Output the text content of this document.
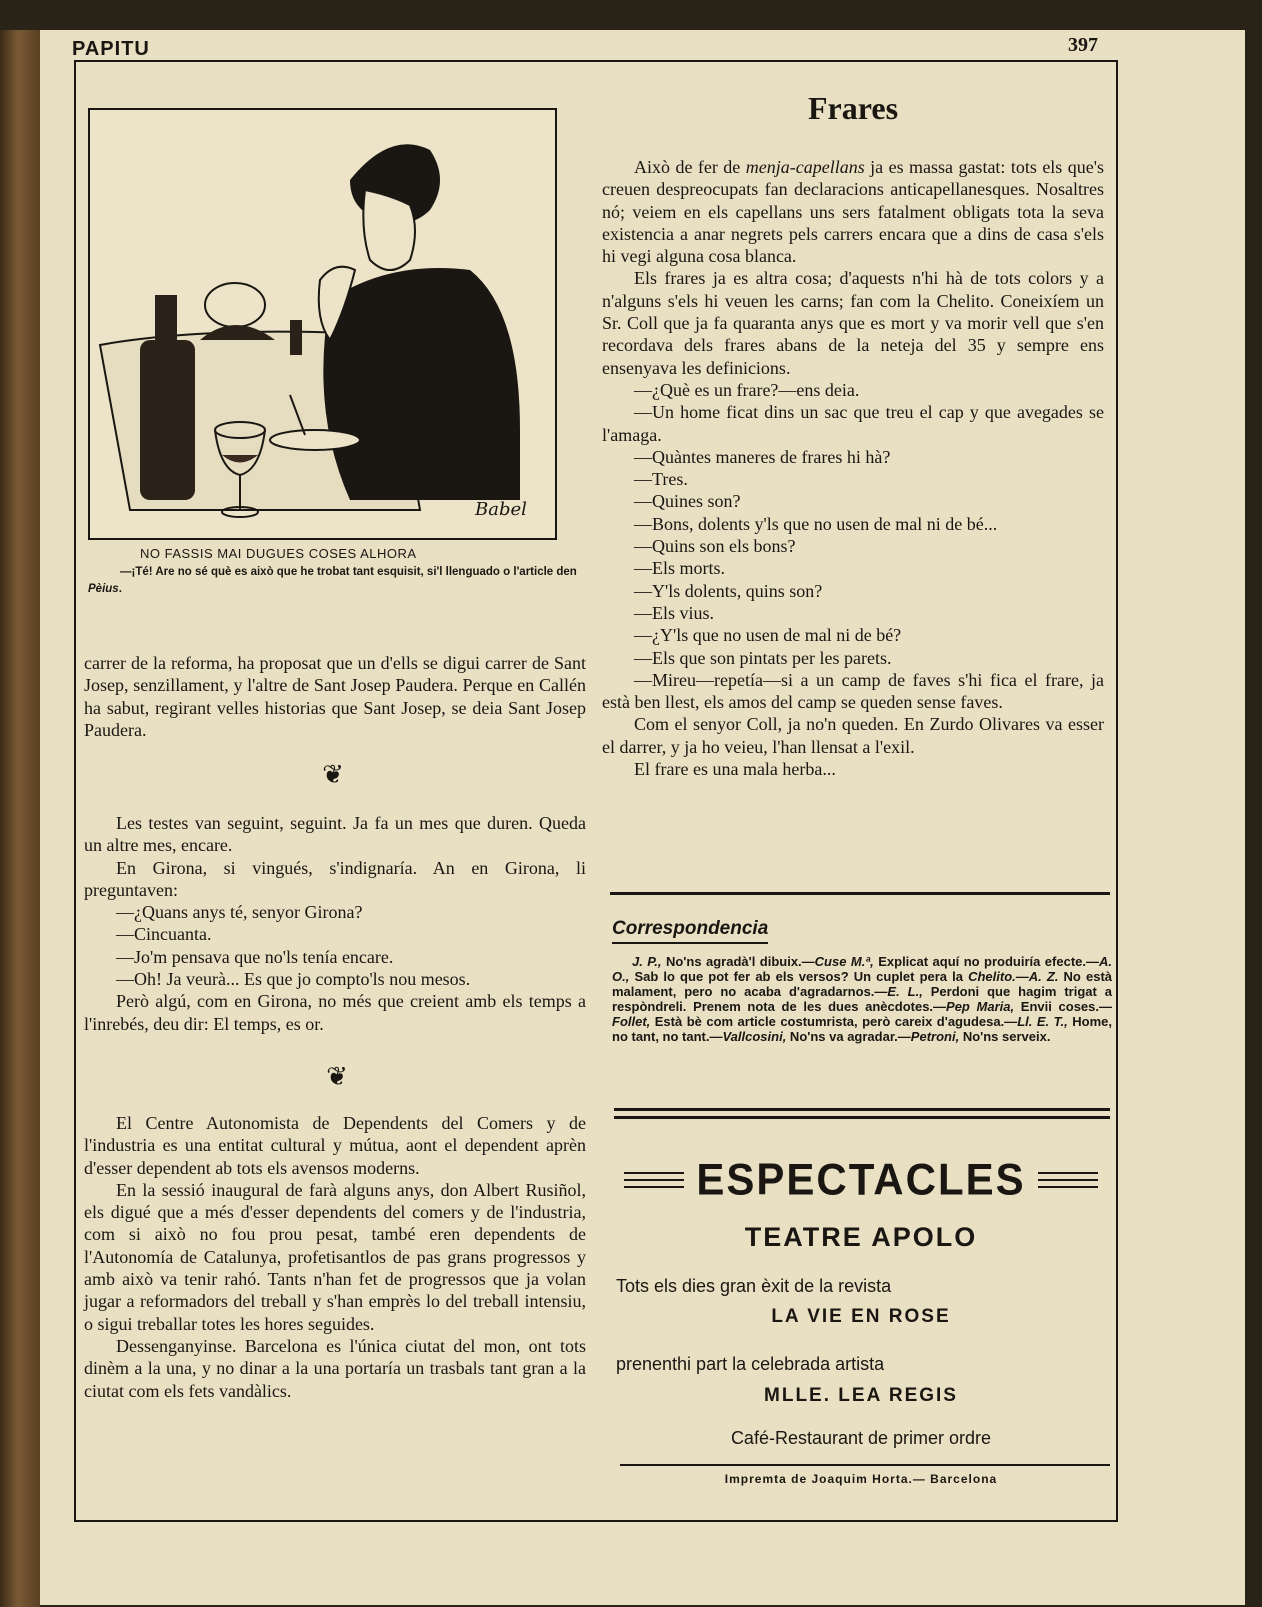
PAPITU	397
Babel
NO FASSIS MAI DUGUES COSES ALHORA
—¡Té! Are no sé què es això que he trobat tant esquisit, si'l llenguado o l'article den Pèius.

carrer de la reforma, ha proposat que un d'ells se digui carrer de Sant Josep, senzillament, y l'altre de Sant Josep Paudera. Perque en Callén ha sabut, regirant velles historias que Sant Josep, se deia Sant Josep Paudera.

❦

Les testes van seguint, seguint. Ja fa un mes que duren. Queda un altre mes, encare.

En Girona, si vingués, s'indignaría. An en Girona, li preguntaven:

—¿Quans anys té, senyor Girona?

—Cincuanta.

—Jo'm pensava que no'ls tenía encare.

—Oh! Ja veurà... Es que jo compto'ls nou mesos.

Però algú, com en Girona, no més que creient amb els temps a l'inrebés, deu dir: El temps, es or.

❦

El Centre Autonomista de Dependents del Comers y de l'industria es una entitat cultural y mútua, aont el dependent aprèn d'esser dependent ab tots els avensos moderns.

En la sessió inaugural de farà alguns anys, don Albert Rusiñol, els digué que a més d'esser dependents del comers y de l'industria, com si això no fou prou pesat, també eren dependents de l'Autonomía de Catalunya, profetisantlos de pas grans progressos y amb això va tenir rahó. Tants n'han fet de progressos que ja volan jugar a reformadors del treball y s'han emprès lo del treball intensiu, o sigui treballar totes les hores seguides.

Dessenganyinse. Barcelona es l'única ciutat del mon, ont tots dinèm a la una, y no dinar a la una portaría un trasbals tant gran a la ciutat com els fets vandàlics.

Frares

Això de fer de menja-capellans ja es massa gastat: tots els que's creuen despreocupats fan declaracions anticapellanesques. Nosaltres nó; veiem en els capellans uns sers fatalment obligats tota la seva existencia a anar negrets pels carrers encara que a dins de casa s'els hi vegi alguna cosa blanca.

Els frares ja es altra cosa; d'aquests n'hi hà de tots colors y a n'alguns s'els hi veuen les carns; fan com la Chelito. Coneixíem un Sr. Coll que ja fa quaranta anys que es mort y va morir vell que s'en recordava dels frares abans de la neteja del 35 y sempre ens ensenyava les definicions.

—¿Què es un frare?—ens deia.

—Un home ficat dins un sac que treu el cap y que avegades se l'amaga.

—Quàntes maneres de frares hi hà?

—Tres.

—Quines son?

—Bons, dolents y'ls que no usen de mal ni de bé...

—Quins son els bons?

—Els morts.

—Y'ls dolents, quins son?

—Els vius.

—¿Y'ls que no usen de mal ni de bé?

—Els que son pintats per les parets.

—Mireu—repetía—si a un camp de faves s'hi fica el frare, ja està ben llest, els amos del camp se queden sense faves.

Com el senyor Coll, ja no'n queden. En Zurdo Olivares va esser el darrer, y ja ho veieu, l'han llensat a l'exil.

El frare es una mala herba...

Correspondencia
J. P., No'ns agradà'l dibuix.—Cuse M.ª, Explicat aquí no produiría efecte.—A. O., Sab lo que pot fer ab els versos? Un cuplet pera la Chelito.—A. Z. No està malament, pero no acaba d'agradarnos.—E. L., Perdoni que hagim trigat a respòndreli. Prenem nota de les dues anècdotes.—Pep Maria, Envii coses.—Follet, Està bè com article costumrista, però careix d'agudesa.—Ll. E. T., Home, no tant, no tant.—Vallcosini, No'ns va agradar.—Petroni, No'ns serveix.
ESPECTACLES
TEATRE APOLO
Tots els dies gran èxit de la revista
LA VIE EN ROSE
prenenthi part la celebrada artista
MLLE. LEA REGIS
Café-Restaurant de primer ordre
Impremta de Joaquim Horta.— Barcelona
